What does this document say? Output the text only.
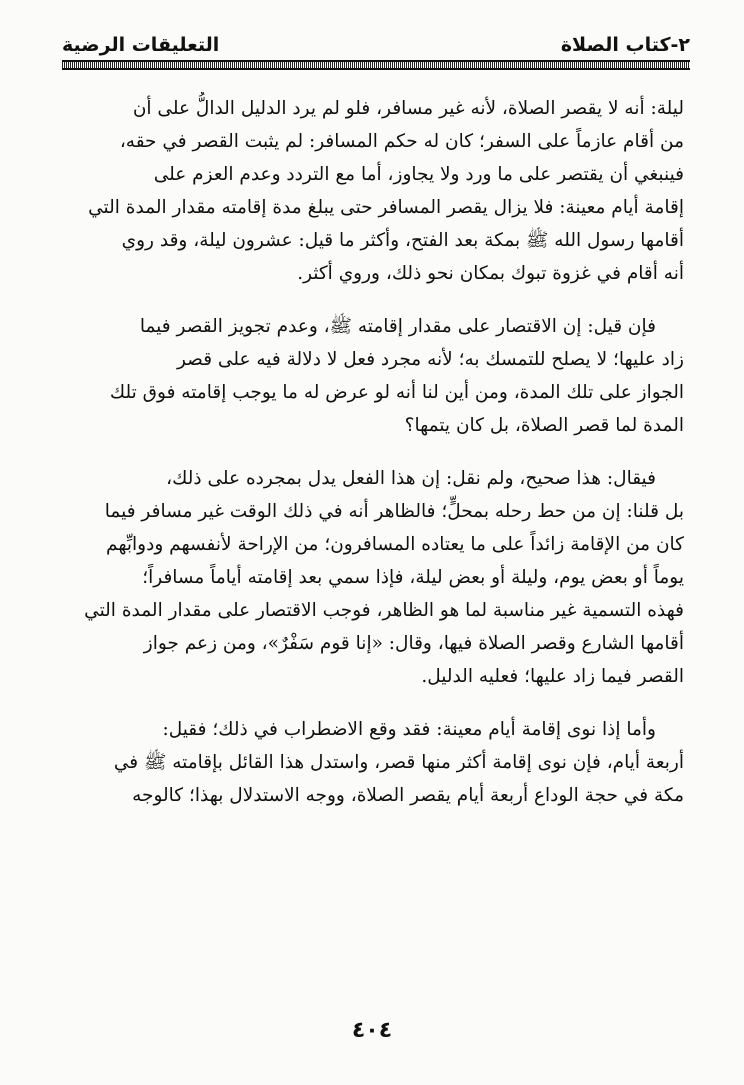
٢-كتاب الصلاة
التعليقات الرضية

ليلة: أنه لا يقصر الصلاة، لأنه غير مسافر، فلو لم يرد الدليل الدالُّ على أن
من أقام عازماً على السفر؛ كان له حكم المسافر: لم يثبت القصر في حقه،
فينبغي أن يقتصر على ما ورد ولا يجاوز، أما مع التردد وعدم العزم على
إقامة أيام معينة: فلا يزال يقصر المسافر حتى يبلغ مدة إقامته مقدار المدة التي
أقامها رسول الله ﷺ بمكة بعد الفتح، وأكثر ما قيل: عشرون ليلة، وقد روي
أنه أقام في غزوة تبوك بمكان نحو ذلك، وروي أكثر.

فإن قيل: إن الاقتصار على مقدار إقامته ﷺ، وعدم تجويز القصر فيما
زاد عليها؛ لا يصلح للتمسك به؛ لأنه مجرد فعل لا دلالة فيه على قصر
الجواز على تلك المدة، ومن أين لنا أنه لو عرض له ما يوجب إقامته فوق تلك
المدة لما قصر الصلاة، بل كان يتمها؟

فيقال: هذا صحيح، ولم نقل: إن هذا الفعل يدل بمجرده على ذلك،
بل قلنا: إن من حط رحله بمحلٍّ؛ فالظاهر أنه في ذلك الوقت غير مسافر فيما
كان من الإقامة زائداً على ما يعتاده المسافرون؛ من الإراحة لأنفسهم ودوابِّهم
يوماً أو بعض يوم، وليلة أو بعض ليلة، فإذا سمي بعد إقامته أياماً مسافراً؛
فهذه التسمية غير مناسبة لما هو الظاهر، فوجب الاقتصار على مقدار المدة التي
أقامها الشارع وقصر الصلاة فيها، وقال: «إنا قوم سَفْرٌ»، ومن زعم جواز
القصر فيما زاد عليها؛ فعليه الدليل.

وأما إذا نوى إقامة أيام معينة: فقد وقع الاضطراب في ذلك؛ فقيل:
أربعة أيام، فإن نوى إقامة أكثر منها قصر، واستدل هذا القائل بإقامته ﷺ في
مكة في حجة الوداع أربعة أيام يقصر الصلاة، ووجه الاستدلال بهذا؛ كالوجه

٤٠٤
